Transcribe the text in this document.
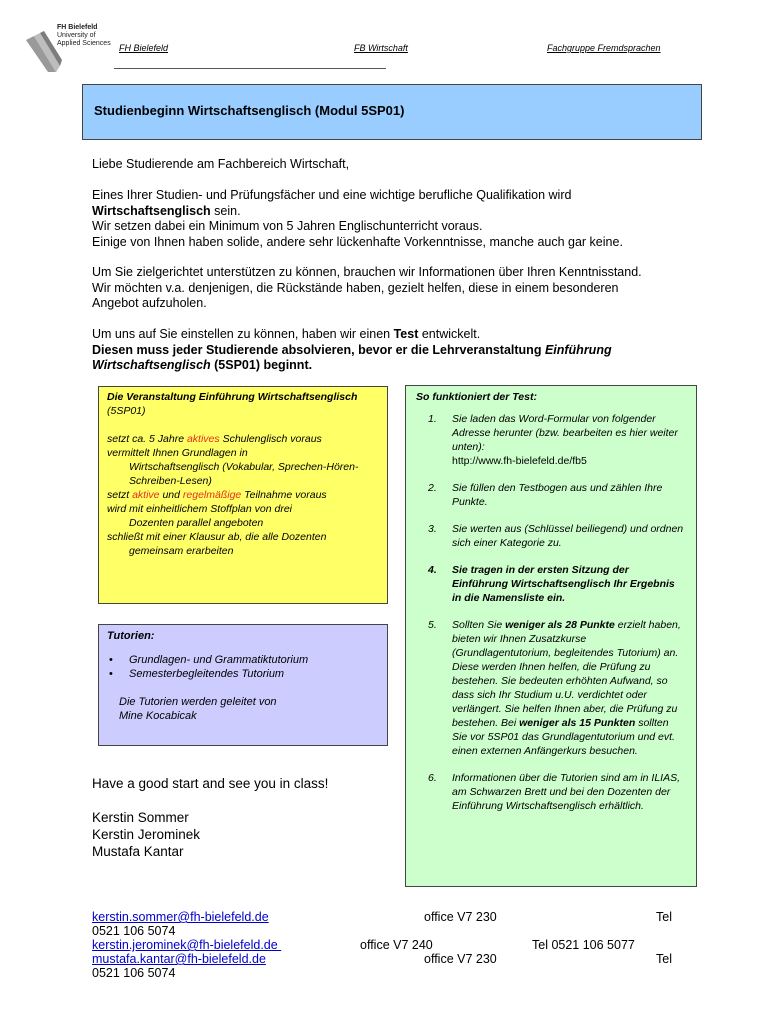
FH Bielefeld
University of
Applied Sciences FH Bielefeld	FB Wirtschaft	Fachgruppe Fremdsprachen
Studienbeginn Wirtschaftsenglisch (Modul 5SP01)
Liebe Studierende am Fachbereich Wirtschaft,

Eines Ihrer Studien- und Prüfungsfächer und eine wichtige berufliche Qualifikation wird

Wirtschaftsenglisch sein.

Wir setzen dabei ein Minimum von 5 Jahren Englischunterricht voraus.

Einige von Ihnen haben solide, andere sehr lückenhafte Vorkenntnisse, manche auch gar keine.

Um Sie zielgerichtet unterstützen zu können, brauchen wir Informationen über Ihren Kenntnisstand. Wir möchten v.a. denjenigen, die Rückstände haben, gezielt helfen, diese in einem besonderen Angebot aufzuholen.

Um uns auf Sie einstellen zu können, haben wir einen Test entwickelt.

Diesen muss jeder Studierende absolvieren, bevor er die Lehrveranstaltung Einführung Wirtschaftsenglisch (5SP01) beginnt.

Die Veranstaltung Einführung Wirtschaftsenglisch (5SP01)
setzt ca. 5 Jahre aktives Schulenglisch voraus
vermittelt Ihnen Grundlagen in
Wirtschaftsenglisch (Vokabular, Sprechen-Hören-Schreiben-Lesen)
setzt aktive und regelmäßige Teilnahme voraus
wird mit einheitlichem Stoffplan von drei
Dozenten parallel angeboten
schließt mit einer Klausur ab, die alle Dozenten
gemeinsam erarbeiten
Tutorien:
• Grundlagen- und Grammatiktutorium
• Semesterbegleitendes Tutorium
Die Tutorien werden geleitet von
Mine Kocabicak
So funktioniert der Test:
1. Sie laden das Word-Formular von folgender Adresse herunter (bzw. bearbeiten es hier weiter unten):
http://www.fh-bielefeld.de/fb5
2. Sie füllen den Testbogen aus und zählen Ihre Punkte.
3. Sie werten aus (Schlüssel beiliegend) und ordnen sich einer Kategorie zu.
4. Sie tragen in der ersten Sitzung der Einführung Wirtschaftsenglisch Ihr Ergebnis in die Namensliste ein.
5. Sollten Sie weniger als 28 Punkte erzielt haben, bieten wir Ihnen Zusatzkurse (Grundlagentutorium, begleitendes Tutorium) an. Diese werden Ihnen helfen, die Prüfung zu bestehen. Sie bedeuten erhöhten Aufwand, so dass sich Ihr Studium u.U. verdichtet oder verlängert. Sie helfen Ihnen aber, die Prüfung zu bestehen. Bei weniger als 15 Punkten sollten Sie vor 5SP01 das Grundlagentutorium und evt. einen externen Anfängerkurs besuchen.
6. Informationen über die Tutorien sind am in ILIAS, am Schwarzen Brett und bei den Dozenten der Einführung Wirtschaftsenglisch erhältlich.
Have a good start and see you in class!
Kerstin Sommer
Kerstin Jerominek
Mustafa Kantar
kerstin.sommer@fh-bielefeld.de	office V7 230	Tel
0521 106 5074
kerstin.jerominek@fh-bielefeld.de	office V7 240	Tel 0521 106 5077
mustafa.kantar@fh-bielefeld.de	office V7 230	Tel
0521 106 5074
